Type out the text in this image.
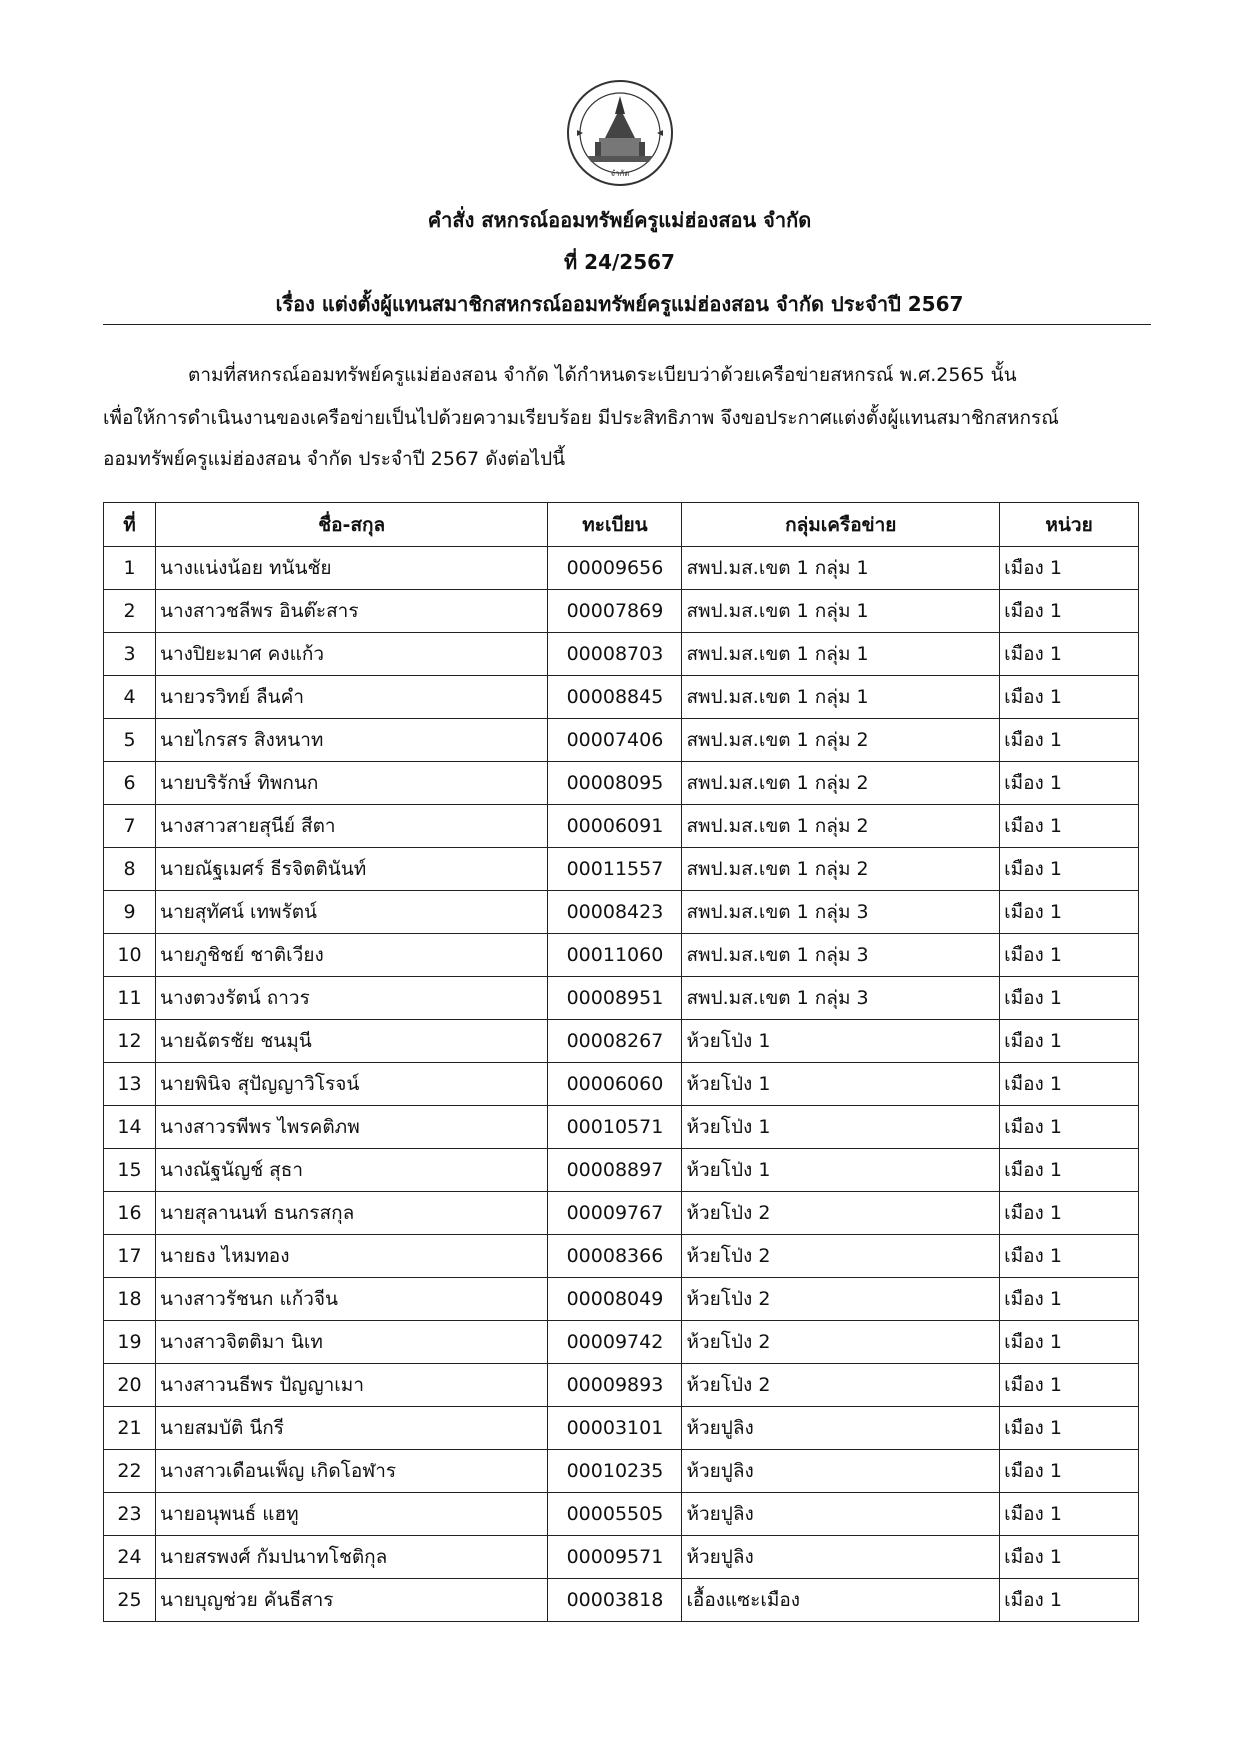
จำกัด
คำสั่ง สหกรณ์ออมทรัพย์ครูแม่ฮ่องสอน จำกัด
ที่ 24/2567
เรื่อง แต่งตั้งผู้แทนสมาชิกสหกรณ์ออมทรัพย์ครูแม่ฮ่องสอน จำกัด ประจำปี 2567
ตามที่สหกรณ์ออมทรัพย์ครูแม่ฮ่องสอน จำกัด ได้กำหนดระเบียบว่าด้วยเครือข่ายสหกรณ์ พ.ศ.2565 นั้น
เพื่อให้การดำเนินงานของเครือข่ายเป็นไปด้วยความเรียบร้อย มีประสิทธิภาพ จึงขอประกาศแต่งตั้งผู้แทนสมาชิกสหกรณ์
ออมทรัพย์ครูแม่ฮ่องสอน จำกัด ประจำปี 2567 ดังต่อไปนี้
ที่	ชื่อ-สกุล	ทะเบียน	กลุ่มเครือข่าย	หน่วย
1	นางแน่งน้อย ทนันชัย	00009656	สพป.มส.เขต 1 กลุ่ม 1	เมือง 1
2	นางสาวชลีพร อินต๊ะสาร	00007869	สพป.มส.เขต 1 กลุ่ม 1	เมือง 1
3	นางปิยะมาศ คงแก้ว	00008703	สพป.มส.เขต 1 กลุ่ม 1	เมือง 1
4	นายวรวิทย์ ลืนคำ	00008845	สพป.มส.เขต 1 กลุ่ม 1	เมือง 1
5	นายไกรสร สิงหนาท	00007406	สพป.มส.เขต 1 กลุ่ม 2	เมือง 1
6	นายบริรักษ์ ทิพกนก	00008095	สพป.มส.เขต 1 กลุ่ม 2	เมือง 1
7	นางสาวสายสุนีย์ สีตา	00006091	สพป.มส.เขต 1 กลุ่ม 2	เมือง 1
8	นายณัฐเมศร์ ธีรจิตตินันท์	00011557	สพป.มส.เขต 1 กลุ่ม 2	เมือง 1
9	นายสุทัศน์ เทพรัตน์	00008423	สพป.มส.เขต 1 กลุ่ม 3	เมือง 1
10	นายภูชิชย์ ชาติเวียง	00011060	สพป.มส.เขต 1 กลุ่ม 3	เมือง 1
11	นางตวงรัตน์ ถาวร	00008951	สพป.มส.เขต 1 กลุ่ม 3	เมือง 1
12	นายฉัตรชัย ชนมุนี	00008267	ห้วยโป่ง 1	เมือง 1
13	นายพินิจ สุปัญญาวิโรจน์	00006060	ห้วยโป่ง 1	เมือง 1
14	นางสาวรพีพร ไพรคติภพ	00010571	ห้วยโป่ง 1	เมือง 1
15	นางณัฐนัญช์ สุธา	00008897	ห้วยโป่ง 1	เมือง 1
16	นายสุลานนท์ ธนกรสกุล	00009767	ห้วยโป่ง 2	เมือง 1
17	นายธง ไหมทอง	00008366	ห้วยโป่ง 2	เมือง 1
18	นางสาวรัชนก แก้วจีน	00008049	ห้วยโป่ง 2	เมือง 1
19	นางสาวจิตติมา นิเท	00009742	ห้วยโป่ง 2	เมือง 1
20	นางสาวนธีพร ปัญญาเมา	00009893	ห้วยโป่ง 2	เมือง 1
21	นายสมบัติ นีกรี	00003101	ห้วยปูลิง	เมือง 1
22	นางสาวเดือนเพ็ญ เกิดโอฬาร	00010235	ห้วยปูลิง	เมือง 1
23	นายอนุพนธ์ แฮทู	00005505	ห้วยปูลิง	เมือง 1
24	นายสรพงศ์ กัมปนาทโชติกุล	00009571	ห้วยปูลิง	เมือง 1
25	นายบุญช่วย คันธีสาร	00003818	เอื้องแซะเมือง	เมือง 1
